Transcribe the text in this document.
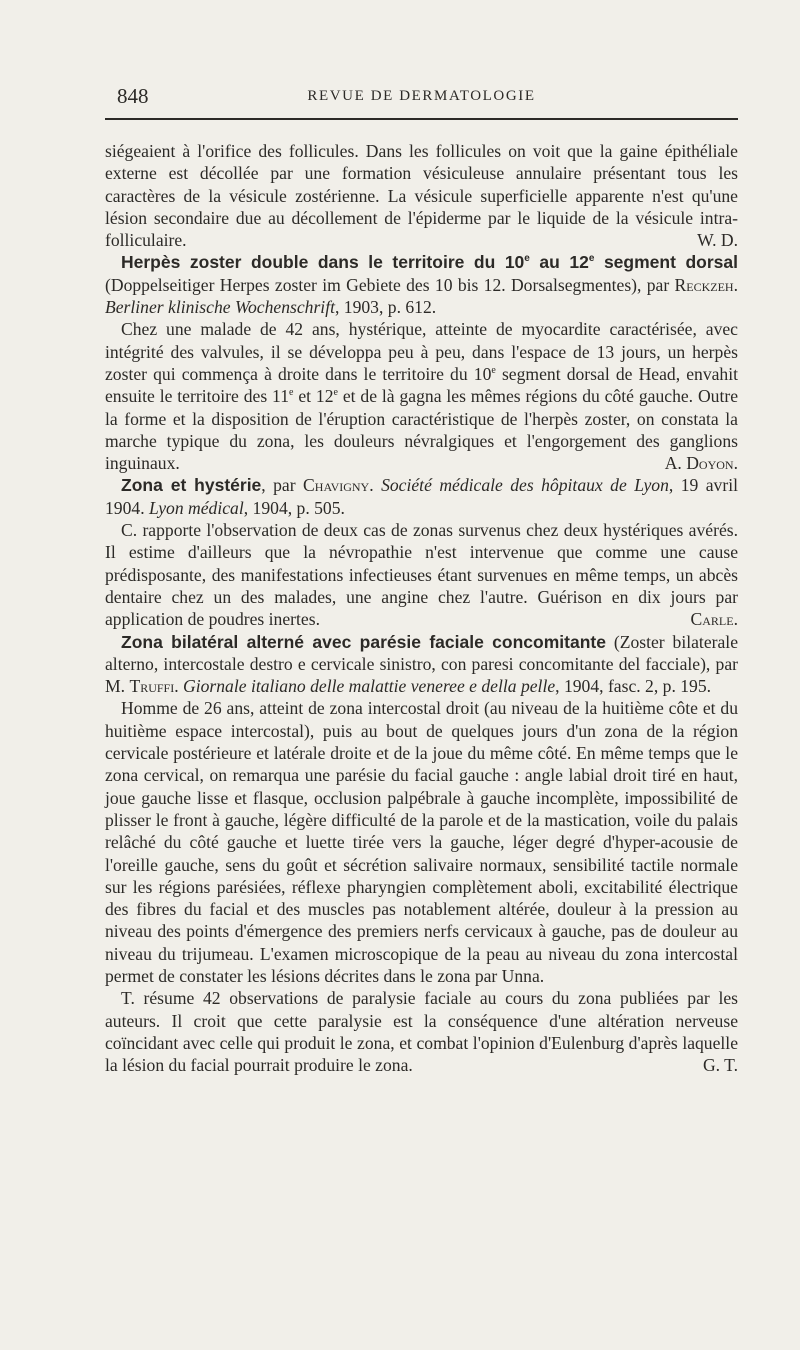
848	REVUE DE DERMATOLOGIE

siégeaient à l'orifice des follicules. Dans les follicules on voit que la gaine épithéliale externe est décollée par une formation vésiculeuse annulaire présentant tous les caractères de la vésicule zostérienne. La vésicule superficielle apparente n'est qu'une lésion secondaire due au décollement de l'épiderme par le liquide de la vésicule intra-folliculaire.	W. D.

Herpès zoster double dans le territoire du 10e au 12e segment dorsal (Doppelseitiger Herpes zoster im Gebiete des 10 bis 12. Dorsalsegmentes), par Reckzeh. Berliner klinische Wochenschrift, 1903, p. 612.

Chez une malade de 42 ans, hystérique, atteinte de myocardite caractérisée, avec intégrité des valvules, il se développa peu à peu, dans l'espace de 13 jours, un herpès zoster qui commença à droite dans le territoire du 10e segment dorsal de Head, envahit ensuite le territoire des 11e et 12e et de là gagna les mêmes régions du côté gauche. Outre la forme et la disposition de l'éruption caractéristique de l'herpès zoster, on constata la marche typique du zona, les douleurs névralgiques et l'engorgement des ganglions inguinaux.	A. Doyon.

Zona et hystérie, par Chavigny. Société médicale des hôpitaux de Lyon, 19 avril 1904. Lyon médical, 1904, p. 505.

C. rapporte l'observation de deux cas de zonas survenus chez deux hystériques avérés. Il estime d'ailleurs que la névropathie n'est intervenue que comme une cause prédisposante, des manifestations infectieuses étant survenues en même temps, un abcès dentaire chez un des malades, une angine chez l'autre. Guérison en dix jours par application de poudres inertes.	Carle.

Zona bilatéral alterné avec parésie faciale concomitante (Zoster bilaterale alterno, intercostale destro e cervicale sinistro, con paresi concomitante del facciale), par M. Truffi. Giornale italiano delle malattie veneree e della pelle, 1904, fasc. 2, p. 195.

Homme de 26 ans, atteint de zona intercostal droit (au niveau de la huitième côte et du huitième espace intercostal), puis au bout de quelques jours d'un zona de la région cervicale postérieure et latérale droite et de la joue du même côté. En même temps que le zona cervical, on remarqua une parésie du facial gauche : angle labial droit tiré en haut, joue gauche lisse et flasque, occlusion palpébrale à gauche incomplète, impossibilité de plisser le front à gauche, légère difficulté de la parole et de la mastication, voile du palais relâché du côté gauche et luette tirée vers la gauche, léger degré d'hyper-acousie de l'oreille gauche, sens du goût et sécrétion salivaire normaux, sensibilité tactile normale sur les régions parésiées, réflexe pharyngien complètement aboli, excitabilité électrique des fibres du facial et des muscles pas notablement altérée, douleur à la pression au niveau des points d'émergence des premiers nerfs cervicaux à gauche, pas de douleur au niveau du trijumeau. L'examen microscopique de la peau au niveau du zona intercostal permet de constater les lésions décrites dans le zona par Unna.

T. résume 42 observations de paralysie faciale au cours du zona publiées par les auteurs. Il croit que cette paralysie est la conséquence d'une altération nerveuse coïncidant avec celle qui produit le zona, et combat l'opinion d'Eulenburg d'après laquelle la lésion du facial pourrait produire le zona.	G. T.
